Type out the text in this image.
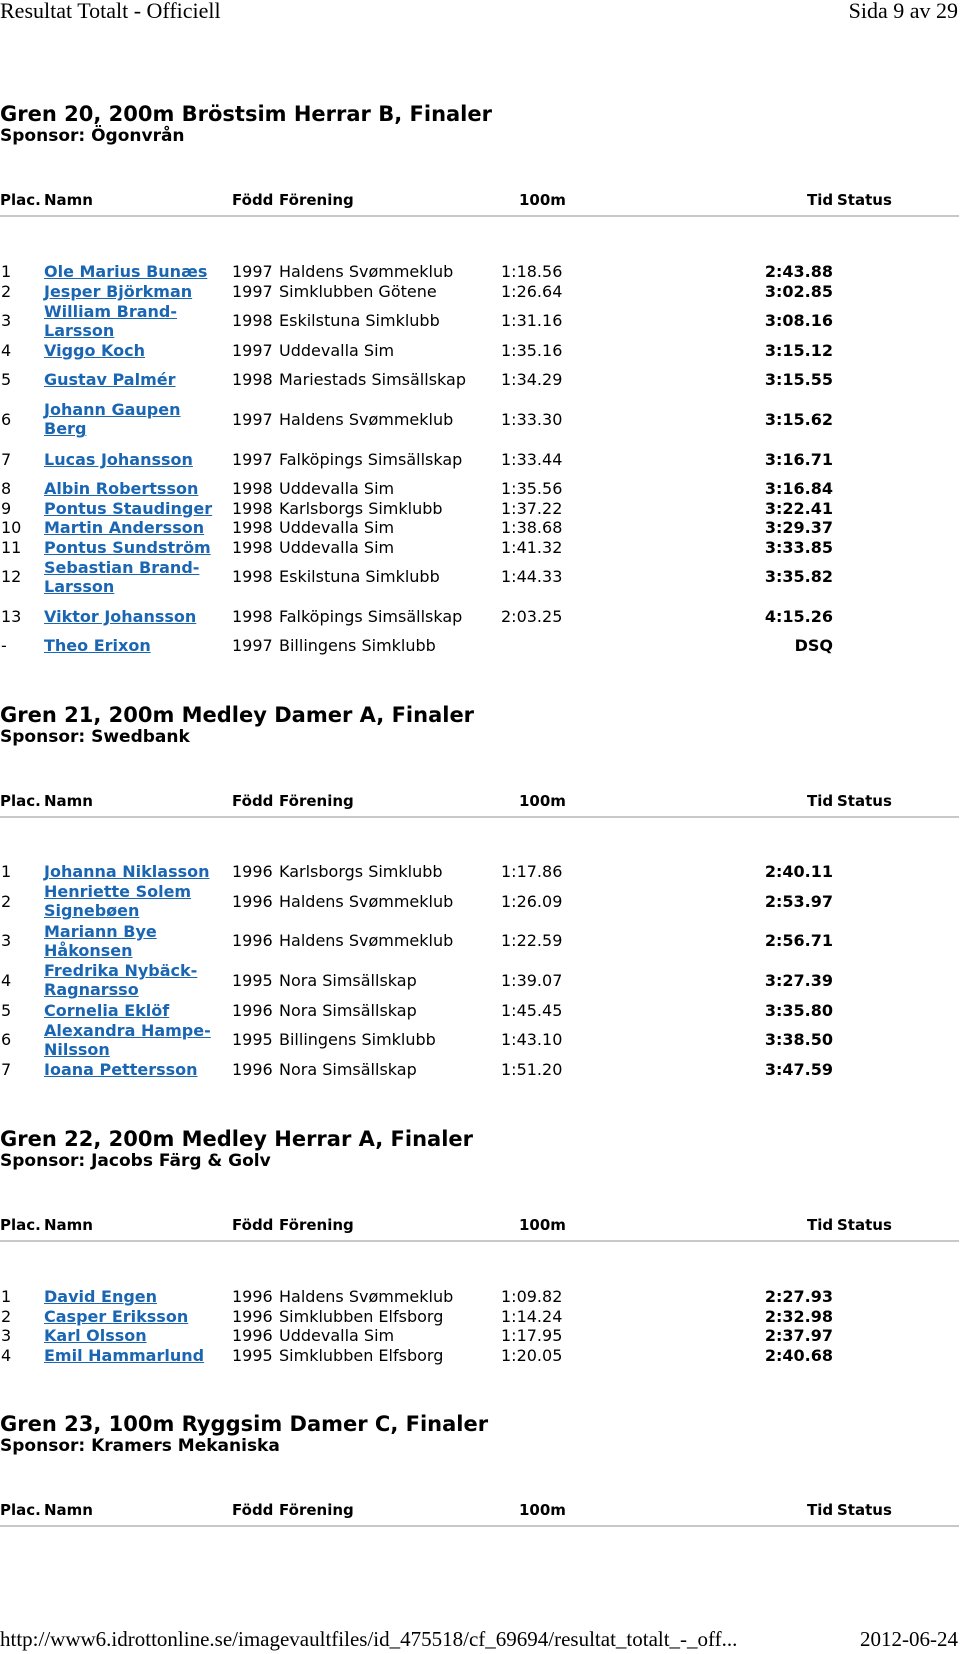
Resultat Totalt - Officiell	Sida 9 av 29
Gren 20, 200m Bröstsim Herrar B, Finaler
Sponsor: Ögonvrån
Plac. Namn	Född Förening	100m	Tid Status
1 Ole Marius Bunæs 1997 Haldens Svømmeklub	1:18.56	2:43.88
2 Jesper Björkman 1997 Simklubben Götene	1:26.64	3:02.85
3 William Brand-Larsson	1998 Eskilstuna Simklubb	1:31.16	3:08.16
4 Viggo Koch	1997 Uddevalla Sim	1:35.16	3:15.12
5 Gustav Palmér	1998 Mariestads Simsällskap 1:34.29	3:15.55
6 Johann Gaupen Berg	1997 Haldens Svømmeklub	1:33.30	3:15.62
7 Lucas Johansson 1997 Falköpings Simsällskap 1:33.44	3:16.71
8 Albin Robertsson 1998 Uddevalla Sim	1:35.56	3:16.84
9 Pontus Staudinger 1998 Karlsborgs Simklubb	1:37.22	3:22.41
10 Martin Andersson 1998 Uddevalla Sim	1:38.68	3:29.37
11 Pontus Sundström 1998 Uddevalla Sim	1:41.32	3:33.85
12 Sebastian Brand-Larsson	1998 Eskilstuna Simklubb	1:44.33	3:35.82
13 Viktor Johansson 1998 Falköpings Simsällskap 2:03.25	4:15.26
- Theo Erixon	1997 Billingens Simklubb	DSQ
Gren 21, 200m Medley Damer A, Finaler
Sponsor: Swedbank
Plac. Namn	Född Förening	100m	Tid Status
1 Johanna Niklasson 1996 Karlsborgs Simklubb	1:17.86	2:40.11
2 Henriette Solem Signebøen	1996 Haldens Svømmeklub	1:26.09	2:53.97
3 Mariann Bye Håkonsen	1996 Haldens Svømmeklub	1:22.59	2:56.71
4 Fredrika Nybäck-Ragnarsso	1995 Nora Simsällskap	1:39.07	3:27.39
5 Cornelia Eklöf	1996 Nora Simsällskap	1:45.45	3:35.80
6 Alexandra Hampe-Nilsson	1995 Billingens Simklubb	1:43.10	3:38.50
7 Ioana Pettersson 1996 Nora Simsällskap	1:51.20	3:47.59
Gren 22, 200m Medley Herrar A, Finaler
Sponsor: Jacobs Färg & Golv
Plac. Namn	Född Förening	100m	Tid Status
1 David Engen	1996 Haldens Svømmeklub	1:09.82	2:27.93
2 Casper Eriksson	1996 Simklubben Elfsborg	1:14.24	2:32.98
3 Karl Olsson	1996 Uddevalla Sim	1:17.95	2:37.97
4 Emil Hammarlund 1995 Simklubben Elfsborg	1:20.05	2:40.68
Gren 23, 100m Ryggsim Damer C, Finaler
Sponsor: Kramers Mekaniska
Plac. Namn	Född Förening	100m	Tid Status
http://www6.idrottonline.se/imagevaultfiles/id_475518/cf_69694/resultat_totalt_-_off...	2012-06-24
